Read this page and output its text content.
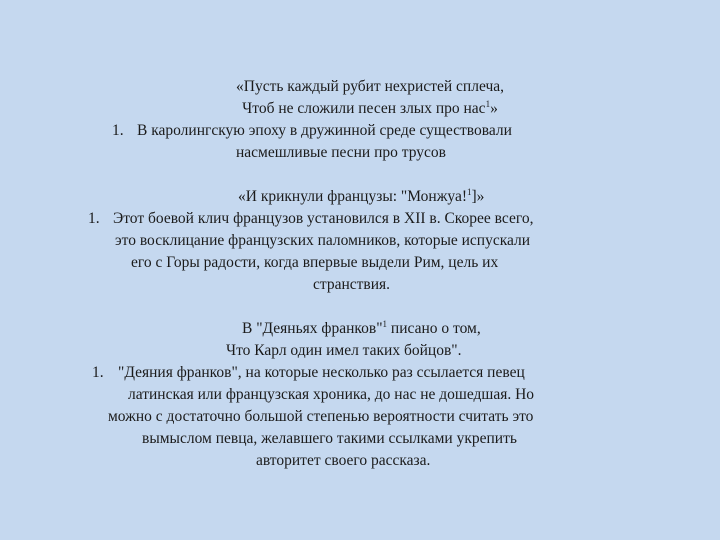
«Пусть каждый рубит нехристей сплеча,
Чтоб не сложили песен злых про нас$^1$»
1. В каролингскую эпоху в дружинной среде существовали
насмешливые песни про трусов
«И крикнули французы: "Монжуа!$^1$]»
1. Этот боевой клич французов установился в XII в. Скорее всего,
это восклицание французских паломников, которые испускали
его с Горы радости, когда впервые выдели Рим, цель их
странствия.
В "Деяньях франков"$^1$ писано о том,
Что Карл один имел таких бойцов".
1. "Деяния франков", на которые несколько раз ссылается певец
латинская или французская хроника, до нас не дошедшая. Но
можно с достаточно большой степенью вероятности считать это
вымыслом певца, желавшего такими ссылками укрепить
авторитет своего рассказа.
